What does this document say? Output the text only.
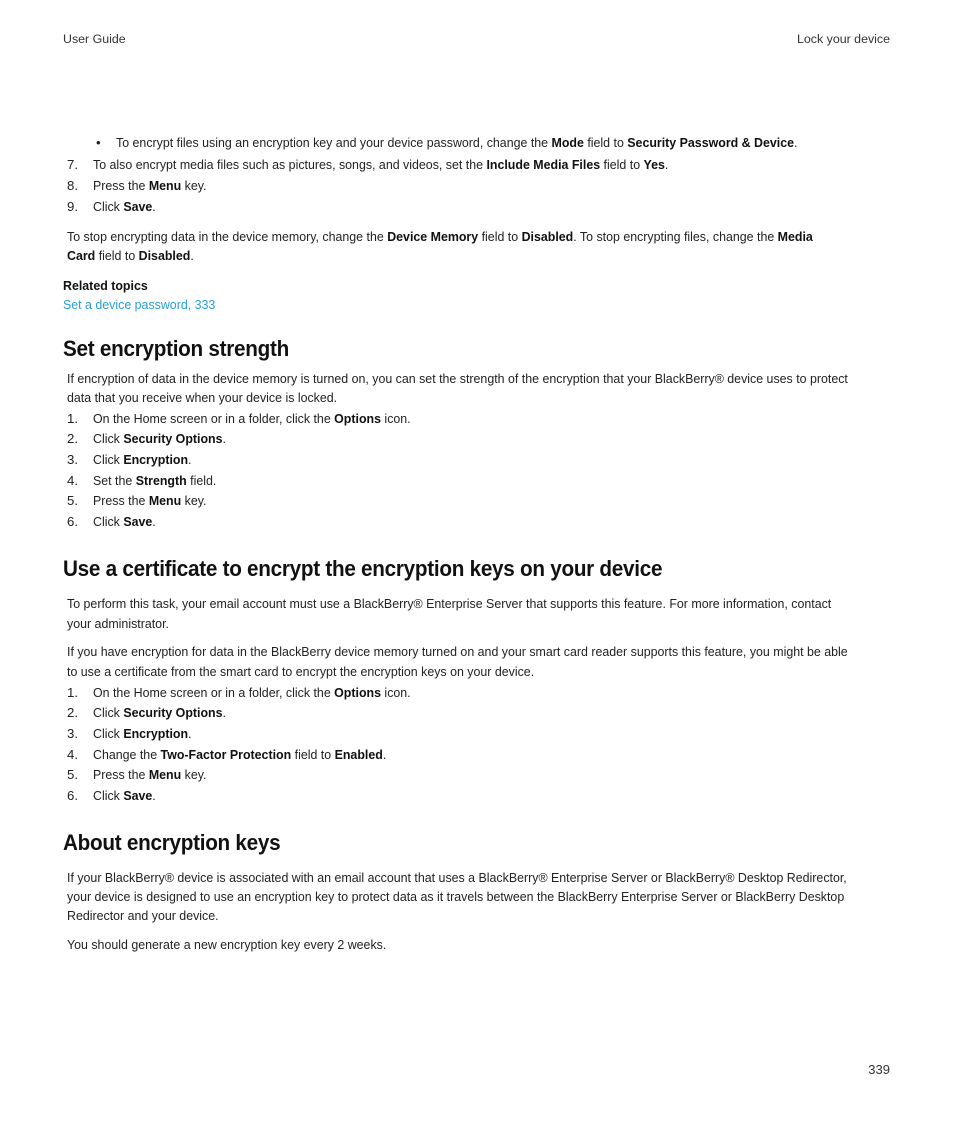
User Guide	Lock your device
• To encrypt files using an encryption key and your device password, change the Mode field to Security Password & Device.
7.	To also encrypt media files such as pictures, songs, and videos, set the Include Media Files field to Yes.
8.	Press the Menu key.
9.	Click Save.
To stop encrypting data in the device memory, change the Device Memory field to Disabled. To stop encrypting files, change the Media
Card field to Disabled.
Related topics
Set a device password, 333
Set encryption strength
If encryption of data in the device memory is turned on, you can set the strength of the encryption that your BlackBerry® device uses to protect
data that you receive when your device is locked.
1.	On the Home screen or in a folder, click the Options icon.
2.	Click Security Options.
3.	Click Encryption.
4.	Set the Strength field.
5.	Press the Menu key.
6.	Click Save.
Use a certificate to encrypt the encryption keys on your device
To perform this task, your email account must use a BlackBerry® Enterprise Server that supports this feature. For more information, contact
your administrator.
If you have encryption for data in the BlackBerry device memory turned on and your smart card reader supports this feature, you might be able
to use a certificate from the smart card to encrypt the encryption keys on your device.
1.	On the Home screen or in a folder, click the Options icon.
2.	Click Security Options.
3.	Click Encryption.
4.	Change the Two-Factor Protection field to Enabled.
5.	Press the Menu key.
6.	Click Save.
About encryption keys
If your BlackBerry® device is associated with an email account that uses a BlackBerry® Enterprise Server or BlackBerry® Desktop Redirector,
your device is designed to use an encryption key to protect data as it travels between the BlackBerry Enterprise Server or BlackBerry Desktop
Redirector and your device.
You should generate a new encryption key every 2 weeks.
339
